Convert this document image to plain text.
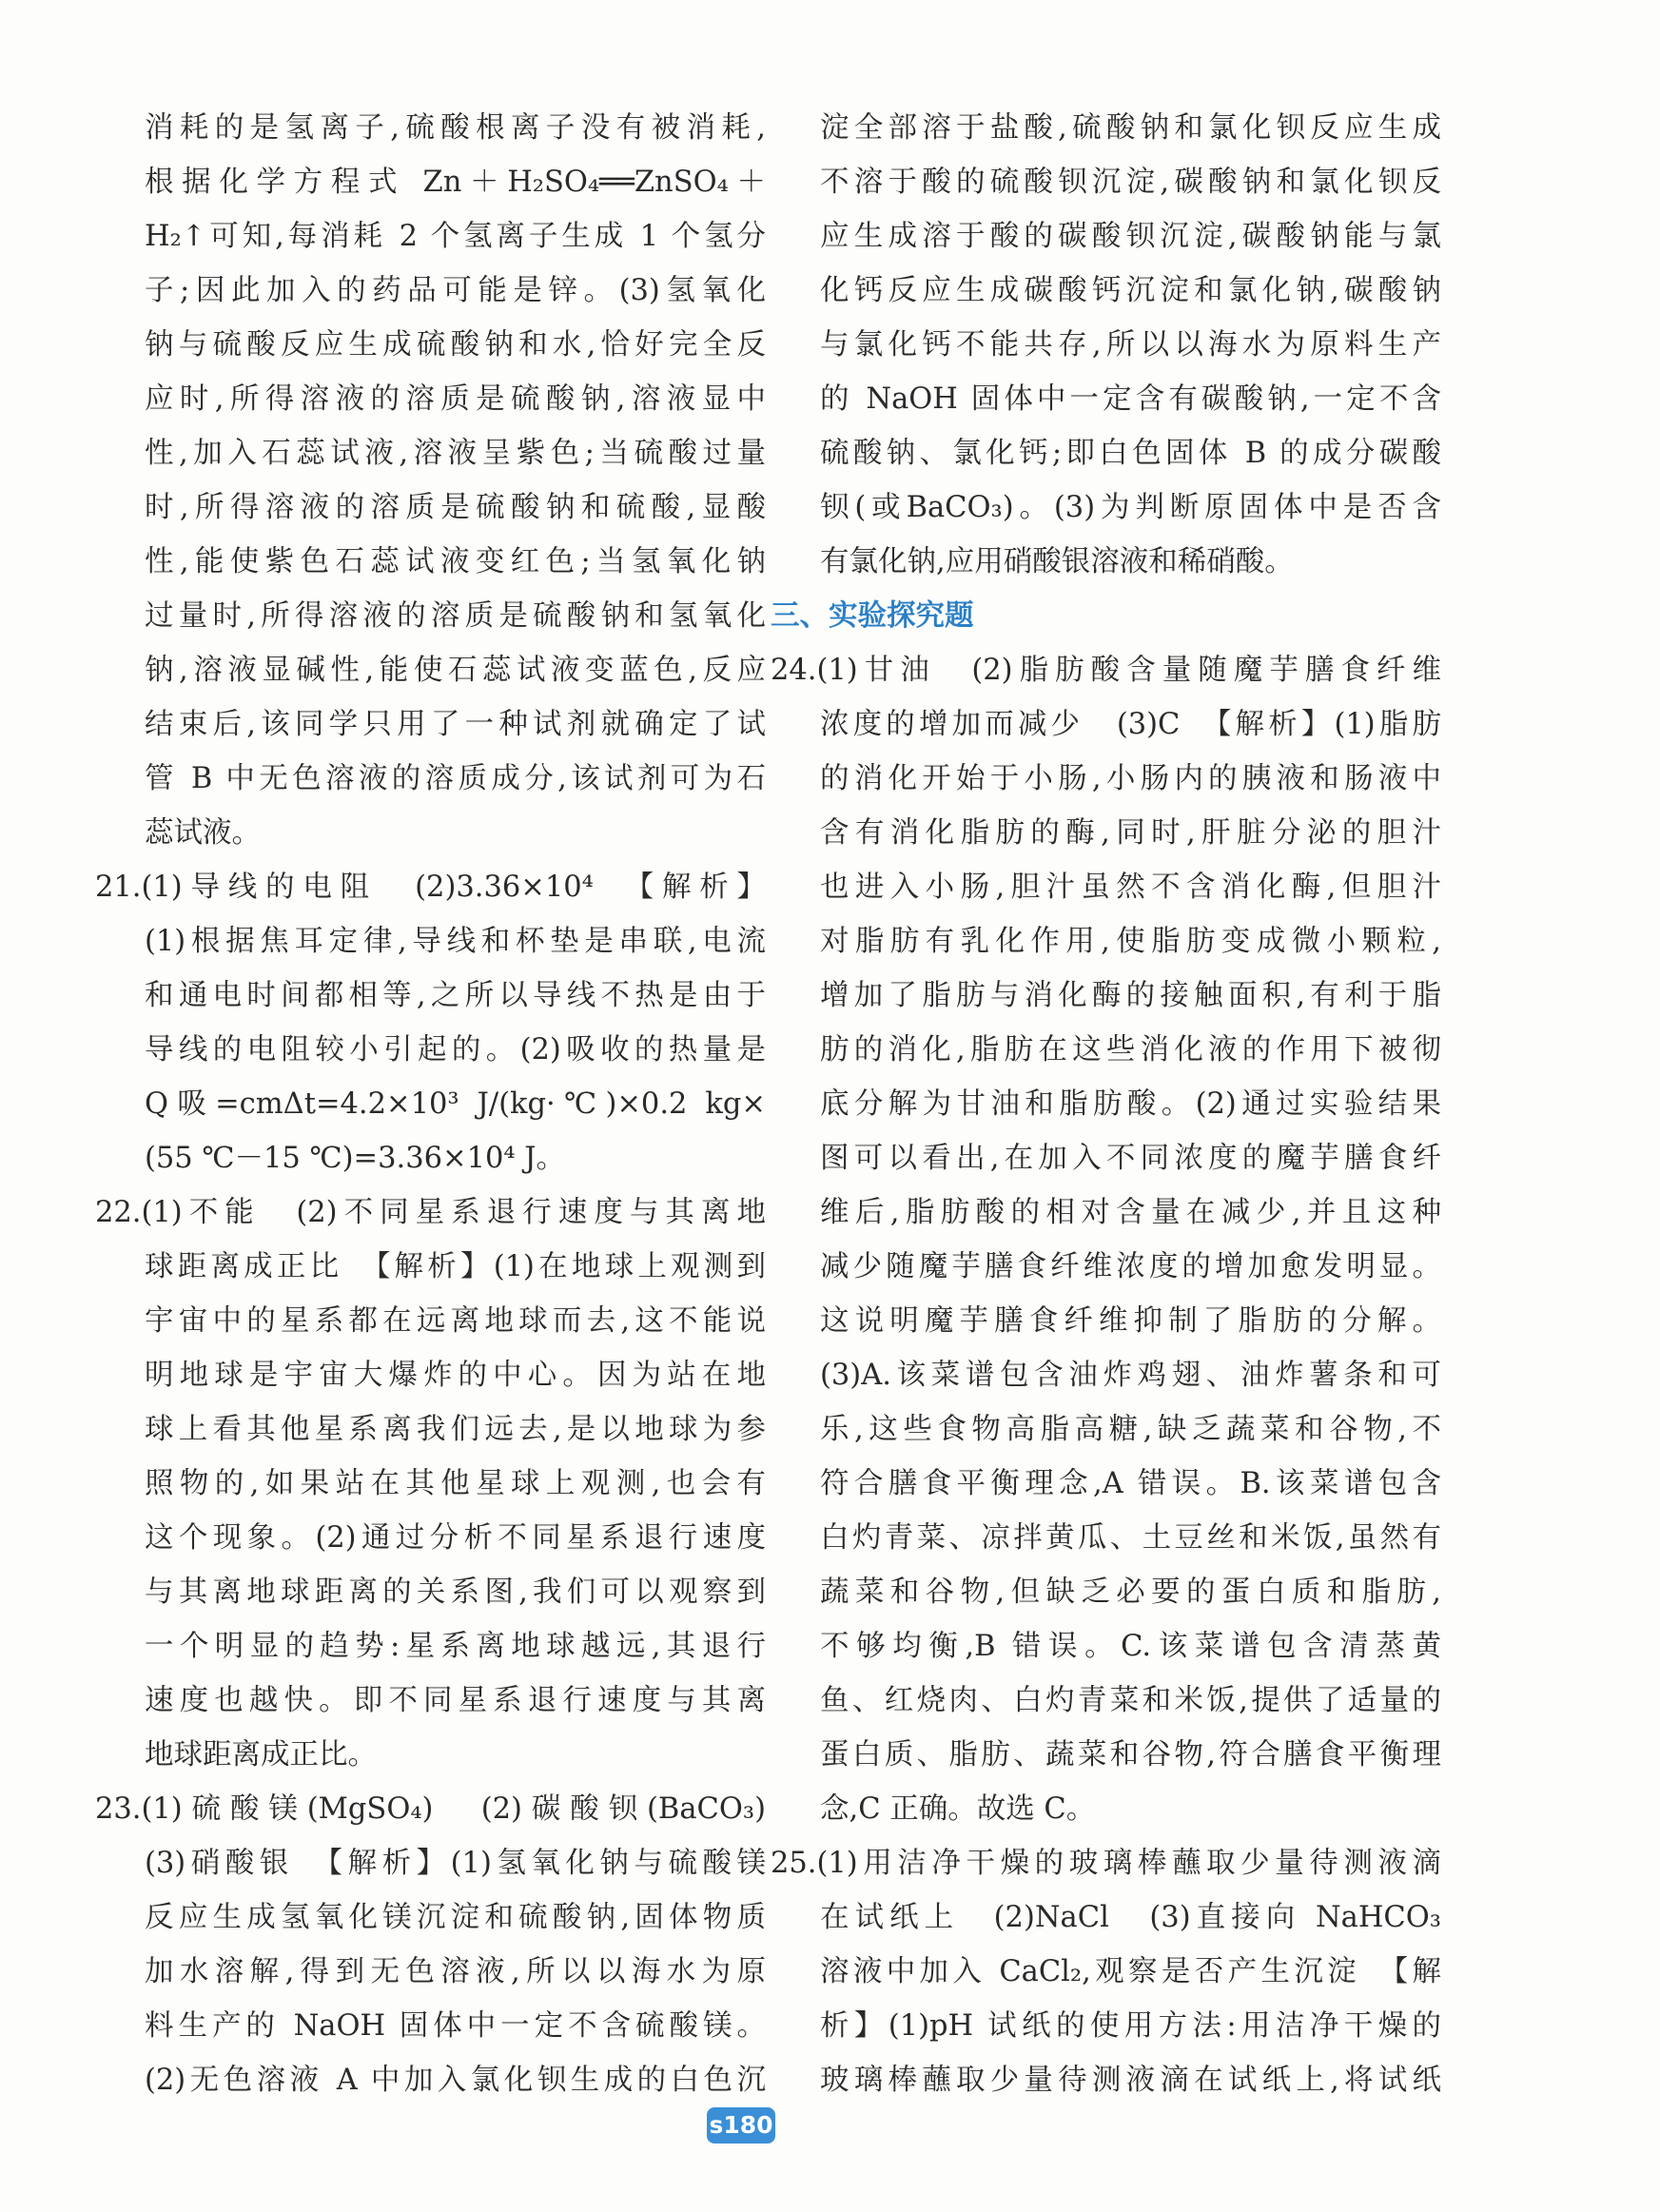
消耗的是氢离子,硫酸根离子没有被消耗,
根据化学方程式 Zn＋H₂SO₄══ZnSO₄＋
H₂↑可知,每消耗 2 个氢离子生成 1 个氢分
子;因此加入的药品可能是锌。(3)氢氧化
钠与硫酸反应生成硫酸钠和水,恰好完全反
应时,所得溶液的溶质是硫酸钠,溶液显中
性,加入石蕊试液,溶液呈紫色;当硫酸过量
时,所得溶液的溶质是硫酸钠和硫酸,显酸
性,能使紫色石蕊试液变红色;当氢氧化钠
过量时,所得溶液的溶质是硫酸钠和氢氧化
钠,溶液显碱性,能使石蕊试液变蓝色,反应
结束后,该同学只用了一种试剂就确定了试
管 B 中无色溶液的溶质成分,该试剂可为石
蕊试液。
21.(1)导线的电阻　(2)3.36×10⁴　【解析】
(1)根据焦耳定律,导线和杯垫是串联,电流
和通电时间都相等,之所以导线不热是由于
导线的电阻较小引起的。(2)吸收的热量是
Q吸=cmΔt=4.2×10³ J/(kg·℃)×0.2 kg×
(55 ℃－15 ℃)=3.36×10⁴ J。
22.(1)不能　(2)不同星系退行速度与其离地
球距离成正比　【解析】(1)在地球上观测到
宇宙中的星系都在远离地球而去,这不能说
明地球是宇宙大爆炸的中心。因为站在地
球上看其他星系离我们远去,是以地球为参
照物的,如果站在其他星球上观测,也会有
这个现象。(2)通过分析不同星系退行速度
与其离地球距离的关系图,我们可以观察到
一个明显的趋势:星系离地球越远,其退行
速度也越快。即不同星系退行速度与其离
地球距离成正比。
23.(1)硫酸镁(MgSO₄)　(2)碳酸钡(BaCO₃)
(3)硝酸银　【解析】(1)氢氧化钠与硫酸镁
反应生成氢氧化镁沉淀和硫酸钠,固体物质
加水溶解,得到无色溶液,所以以海水为原
料生产的 NaOH 固体中一定不含硫酸镁。
(2)无色溶液 A 中加入氯化钡生成的白色沉
淀全部溶于盐酸,硫酸钠和氯化钡反应生成
不溶于酸的硫酸钡沉淀,碳酸钠和氯化钡反
应生成溶于酸的碳酸钡沉淀,碳酸钠能与氯
化钙反应生成碳酸钙沉淀和氯化钠,碳酸钠
与氯化钙不能共存,所以以海水为原料生产
的 NaOH 固体中一定含有碳酸钠,一定不含
硫酸钠、氯化钙;即白色固体 B 的成分碳酸
钡(或BaCO₃)。(3)为判断原固体中是否含
有氯化钠,应用硝酸银溶液和稀硝酸。
三、实验探究题
24.(1)甘油　(2)脂肪酸含量随魔芋膳食纤维
浓度的增加而减少　(3)C　【解析】(1)脂肪
的消化开始于小肠,小肠内的胰液和肠液中
含有消化脂肪的酶,同时,肝脏分泌的胆汁
也进入小肠,胆汁虽然不含消化酶,但胆汁
对脂肪有乳化作用,使脂肪变成微小颗粒,
增加了脂肪与消化酶的接触面积,有利于脂
肪的消化,脂肪在这些消化液的作用下被彻
底分解为甘油和脂肪酸。(2)通过实验结果
图可以看出,在加入不同浓度的魔芋膳食纤
维后,脂肪酸的相对含量在减少,并且这种
减少随魔芋膳食纤维浓度的增加愈发明显。
这说明魔芋膳食纤维抑制了脂肪的分解。
(3)A.该菜谱包含油炸鸡翅、油炸薯条和可
乐,这些食物高脂高糖,缺乏蔬菜和谷物,不
符合膳食平衡理念,A 错误。B.该菜谱包含
白灼青菜、凉拌黄瓜、土豆丝和米饭,虽然有
蔬菜和谷物,但缺乏必要的蛋白质和脂肪,
不够均衡,B 错误。C.该菜谱包含清蒸黄
鱼、红烧肉、白灼青菜和米饭,提供了适量的
蛋白质、脂肪、蔬菜和谷物,符合膳食平衡理
念,C 正确。故选 C。
25.(1)用洁净干燥的玻璃棒蘸取少量待测液滴
在试纸上　(2)NaCl　(3)直接向 NaHCO₃
溶液中加入 CaCl₂,观察是否产生沉淀　【解
析】(1)pH 试纸的使用方法:用洁净干燥的
玻璃棒蘸取少量待测液滴在试纸上,将试纸
s180
